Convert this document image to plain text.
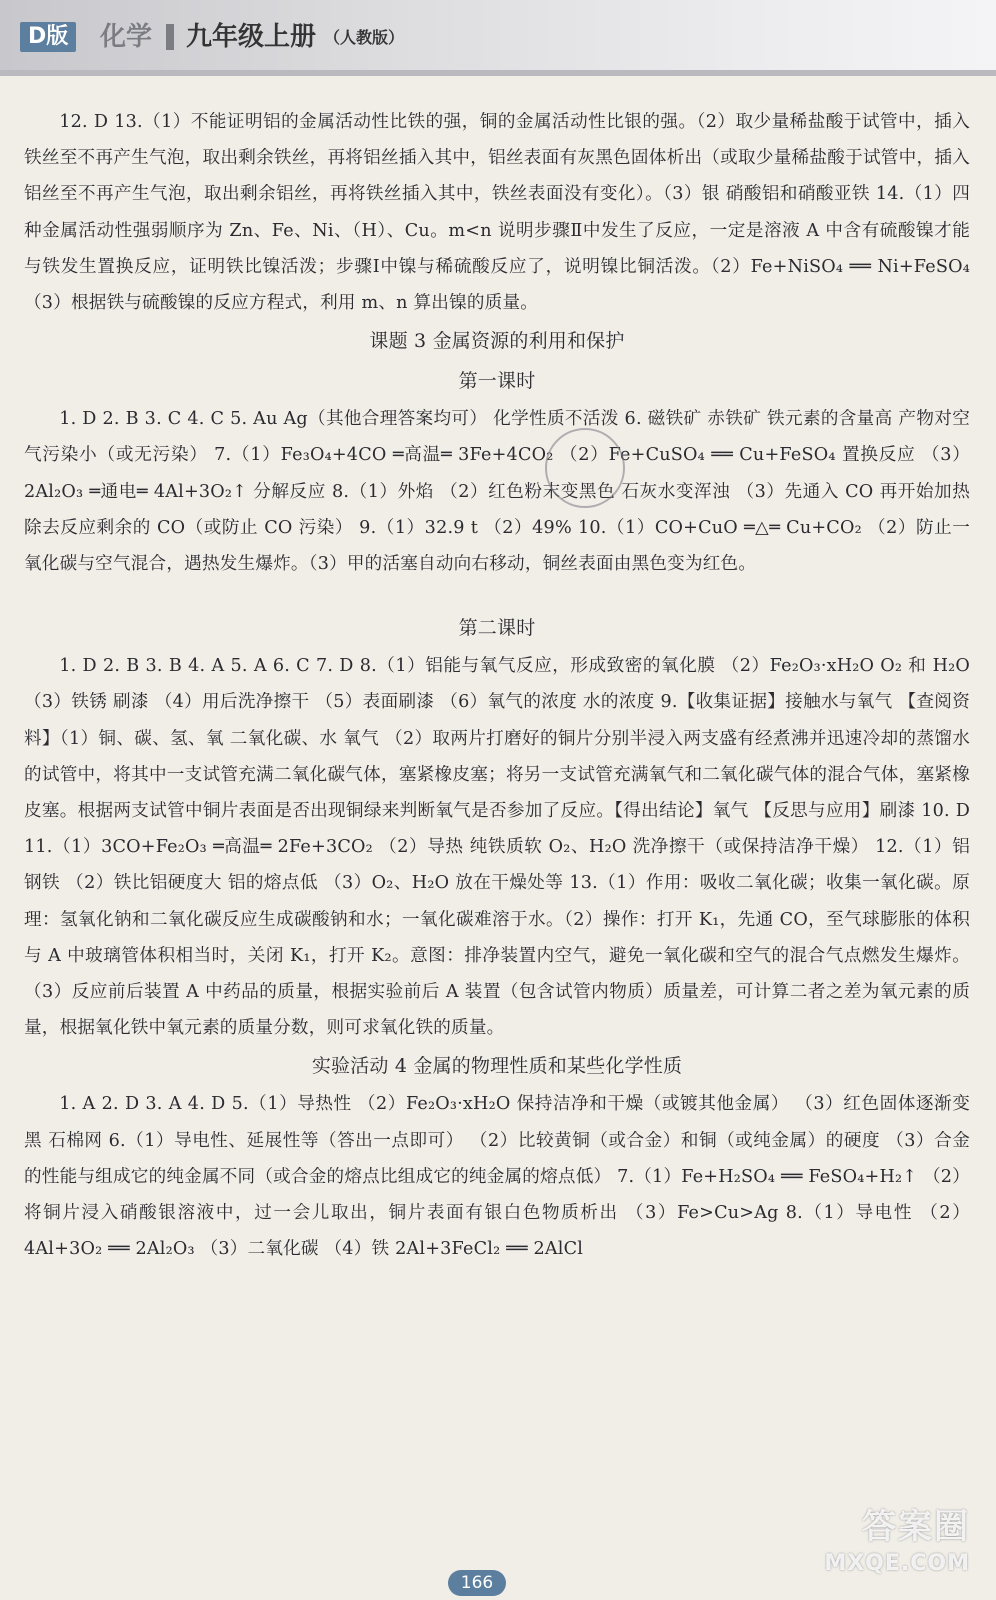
D版	化学 九年级上册 （人教版）

12. D 13.（1）不能证明铝的金属活动性比铁的强，铜的金属活动性比银的强。（2）取少量稀盐酸于试管中，插入铁丝至不再产生气泡，取出剩余铁丝，再将铝丝插入其中，铝丝表面有灰黑色固体析出（或取少量稀盐酸于试管中，插入铝丝至不再产生气泡，取出剩余铝丝，再将铁丝插入其中，铁丝表面没有变化）。（3）银 硝酸铝和硝酸亚铁 14.（1）四种金属活动性强弱顺序为 Zn、Fe、Ni、（H）、Cu。m<n 说明步骤Ⅱ中发生了反应，一定是溶液 A 中含有硫酸镍才能与铁发生置换反应，证明铁比镍活泼；步骤Ⅰ中镍与稀硫酸反应了，说明镍比铜活泼。（2）Fe+NiSO₄ ══ Ni+FeSO₄ （3）根据铁与硫酸镍的反应方程式，利用 m、n 算出镍的质量。

课题 3 金属资源的利用和保护
第一课时

1. D 2. B 3. C 4. C 5. Au Ag（其他合理答案均可） 化学性质不活泼 6. 磁铁矿 赤铁矿 铁元素的含量高 产物对空气污染小（或无污染） 7.（1）Fe₃O₄+4CO ═高温═ 3Fe+4CO₂ （2）Fe+CuSO₄ ══ Cu+FeSO₄ 置换反应 （3）2Al₂O₃ ═通电═ 4Al+3O₂↑ 分解反应 8.（1）外焰 （2）红色粉末变黑色 石灰水变浑浊 （3）先通入 CO 再开始加热 除去反应剩余的 CO（或防止 CO 污染） 9.（1）32.9 t （2）49% 10.（1）CO+CuO ═△═ Cu+CO₂ （2）防止一氧化碳与空气混合，遇热发生爆炸。（3）甲的活塞自动向右移动，铜丝表面由黑色变为红色。

第二课时

1. D 2. B 3. B 4. A 5. A 6. C 7. D 8.（1）铝能与氧气反应，形成致密的氧化膜 （2）Fe₂O₃·xH₂O O₂ 和 H₂O （3）铁锈 刷漆 （4）用后洗净擦干 （5）表面刷漆 （6）氧气的浓度 水的浓度 9.【收集证据】接触水与氧气 【查阅资料】（1）铜、碳、氢、氧 二氧化碳、水 氧气 （2）取两片打磨好的铜片分别半浸入两支盛有经煮沸并迅速冷却的蒸馏水的试管中，将其中一支试管充满二氧化碳气体，塞紧橡皮塞；将另一支试管充满氧气和二氧化碳气体的混合气体，塞紧橡皮塞。根据两支试管中铜片表面是否出现铜绿来判断氧气是否参加了反应。【得出结论】氧气 【反思与应用】刷漆 10. D 11.（1）3CO+Fe₂O₃ ═高温═ 2Fe+3CO₂ （2）导热 纯铁质软 O₂、H₂O 洗净擦干（或保持洁净干燥） 12.（1）铝 钢铁 （2）铁比铝硬度大 铝的熔点低 （3）O₂、H₂O 放在干燥处等 13.（1）作用：吸收二氧化碳；收集一氧化碳。原理：氢氧化钠和二氧化碳反应生成碳酸钠和水；一氧化碳难溶于水。（2）操作：打开 K₁，先通 CO，至气球膨胀的体积与 A 中玻璃管体积相当时，关闭 K₁，打开 K₂。意图：排净装置内空气，避免一氧化碳和空气的混合气点燃发生爆炸。（3）反应前后装置 A 中药品的质量，根据实验前后 A 装置（包含试管内物质）质量差，可计算二者之差为氧元素的质量，根据氧化铁中氧元素的质量分数，则可求氧化铁的质量。

实验活动 4 金属的物理性质和某些化学性质

1. A 2. D 3. A 4. D 5.（1）导热性 （2）Fe₂O₃·xH₂O 保持洁净和干燥（或镀其他金属） （3）红色固体逐渐变黑 石棉网 6.（1）导电性、延展性等（答出一点即可） （2）比较黄铜（或合金）和铜（或纯金属）的硬度 （3）合金的性能与组成它的纯金属不同（或合金的熔点比组成它的纯金属的熔点低） 7.（1）Fe+H₂SO₄ ══ FeSO₄+H₂↑ （2）将铜片浸入硝酸银溶液中，过一会儿取出，铜片表面有银白色物质析出 （3）Fe>Cu>Ag 8.（1）导电性 （2）4Al+3O₂ ══ 2Al₂O₃ （3）二氧化碳 （4）铁 2Al+3FeCl₂ ══ 2AlCl

答案圈
MXQE.COM
166
